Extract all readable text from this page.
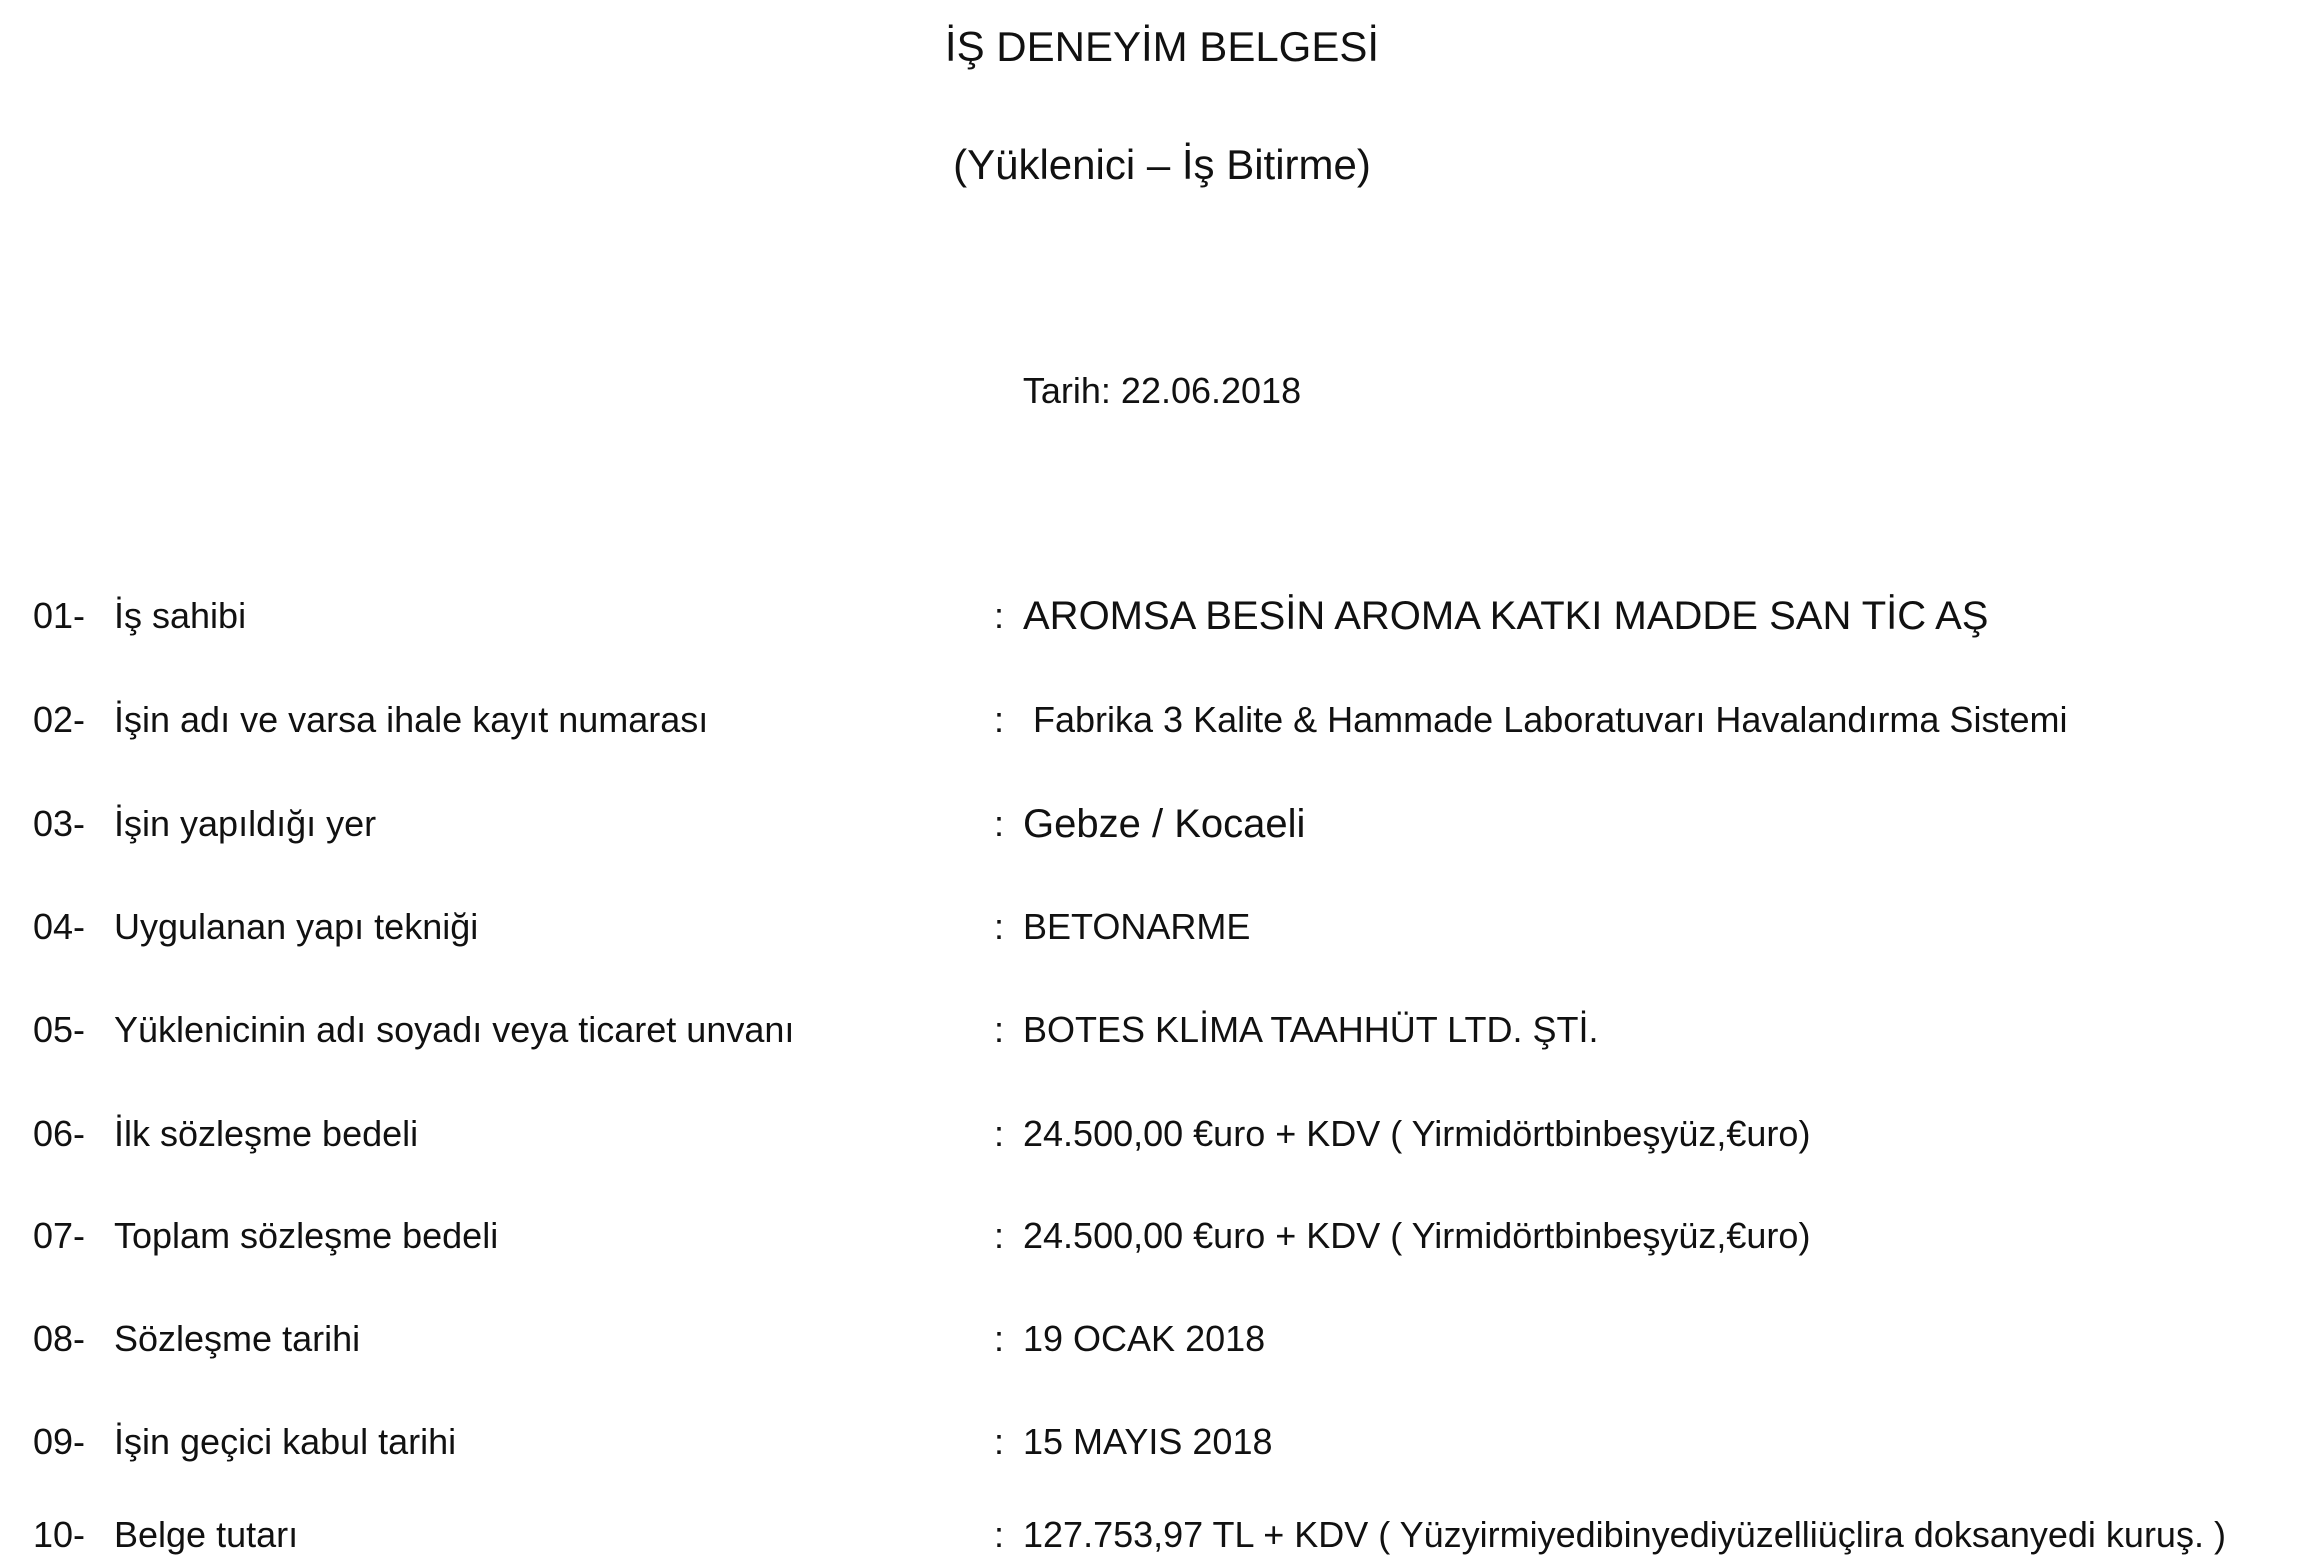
İŞ DENEYİM BELGESİ
(Yüklenici – İş Bitirme)
Tarih: 22.06.2018
01- İş sahibi	: AROMSA BESİN AROMA KATKI MADDE SAN TİC AŞ
02- İşin adı ve varsa ihale kayıt numarası	: Fabrika 3 Kalite & Hammade Laboratuvarı Havalandırma Sistemi
03- İşin yapıldığı yer	: Gebze / Kocaeli
04- Uygulanan yapı tekniği	: BETONARME
05- Yüklenicinin adı soyadı veya ticaret unvanı	: BOTES KLİMA TAAHHÜT LTD. ŞTİ.
06- İlk sözleşme bedeli	: 24.500,00 €uro + KDV ( Yirmidörtbinbeşyüz,€uro)
07- Toplam sözleşme bedeli	: 24.500,00 €uro + KDV ( Yirmidörtbinbeşyüz,€uro)
08- Sözleşme tarihi	: 19 OCAK 2018
09- İşin geçici kabul tarihi	: 15 MAYIS 2018
10- Belge tutarı	: 127.753,97 TL + KDV ( Yüzyirmiyedibinyediyüzelliüçlira doksanyedi kuruş. )
